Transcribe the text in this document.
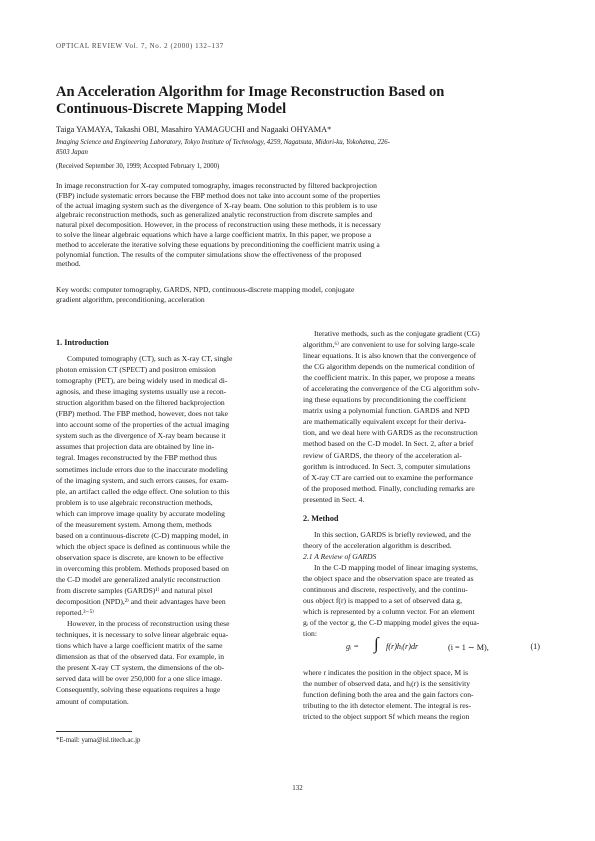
OPTICAL REVIEW Vol. 7, No. 2 (2000) 132–137
An Acceleration Algorithm for Image Reconstruction Based on
Continuous-Discrete Mapping Model
Taiga YAMAYA, Takashi OBI, Masahiro YAMAGUCHI and Nagaaki OHYAMA*
Imaging Science and Engineering Laboratory, Tokyo Institute of Technology, 4259, Nagatsuta, Midori-ku, Yokohama, 226-
8503 Japan
(Received September 30, 1999; Accepted February 1, 2000)
In image reconstruction for X-ray computed tomography, images reconstructed by filtered backprojection
(FBP) include systematic errors because the FBP method does not take into account some of the properties
of the actual imaging system such as the divergence of X-ray beam. One solution to this problem is to use
algebraic reconstruction methods, such as generalized analytic reconstruction from discrete samples and
natural pixel decomposition. However, in the process of reconstruction using these methods, it is necessary
to solve the linear algebraic equations which have a large coefficient matrix. In this paper, we propose a
method to accelerate the iterative solving these equations by preconditioning the coefficient matrix using a
polynomial function. The results of the computer simulations show the effectiveness of the proposed
method.
Key words: computer tomography, GARDS, NPD, continuous-discrete mapping model, conjugate
gradient algorithm, preconditioning, acceleration
1. Introduction
Computed tomography (CT), such as X-ray CT, single
photon emission CT (SPECT) and positron emission
tomography (PET), are being widely used in medical di-
agnosis, and these imaging systems usually use a recon-
struction algorithm based on the filtered backprojection
(FBP) method. The FBP method, however, does not take
into account some of the properties of the actual imaging
system such as the divergence of X-ray beam because it
assumes that projection data are obtained by line in-
tegral. Images reconstructed by the FBP method thus
sometimes include errors due to the inaccurate modeling
of the imaging system, and such errors causes, for exam-
ple, an artifact called the edge effect. One solution to this
problem is to use algebraic reconstruction methods,
which can improve image quality by accurate modeling
of the measurement system. Among them, methods
based on a continuous-discrete (C-D) mapping model, in
which the object space is defined as continuous while the
observation space is discrete, are known to be effective
in overcoming this problem. Methods proposed based on
the C-D model are generalized analytic reconstruction
from discrete samples (GARDS)¹⁾ and natural pixel
decomposition (NPD),²⁾ and their advantages have been
reported.³⁻⁵⁾
However, in the process of reconstruction using these
techniques, it is necessary to solve linear algebraic equa-
tions which have a large coefficient matrix of the same
dimension as that of the observed data. For example, in
the present X-ray CT system, the dimensions of the ob-
served data will be over 250,000 for a one slice image.
Consequently, solving these equations requires a huge
amount of computation.
*E-mail: yama@isl.titech.ac.jp
Iterative methods, such as the conjugate gradient (CG)
algorithm,⁶⁾ are convenient to use for solving large-scale
linear equations. It is also known that the convergence of
the CG algorithm depends on the numerical condition of
the coefficient matrix. In this paper, we propose a means
of accelerating the convergence of the CG algorithm solv-
ing these equations by preconditioning the coefficient
matrix using a polynomial function. GARDS and NPD
are mathematically equivalent except for their deriva-
tion, and we deal here with GARDS as the reconstruction
method based on the C-D model. In Sect. 2, after a brief
review of GARDS, the theory of the acceleration al-
gorithm is introduced. In Sect. 3, computer simulations
of X-ray CT are carried out to examine the performance
of the proposed method. Finally, concluding remarks are
presented in Sect. 4.
2. Method
In this section, GARDS is briefly reviewed, and the
theory of the acceleration algorithm is described.
2.1 A Review of GARDS
In the C-D mapping model of linear imaging systems,
the object space and the observation space are treated as
continuous and discrete, respectively, and the continu-
ous object f(r) is mapped to a set of observed data g,
which is represented by a column vector. For an element
gᵢ of the vector g, the C-D mapping model gives the equa-
tion:
gᵢ = ∫ f(r)hᵢ(r)dr	(i = 1 ∼ M),	(1)
where r indicates the position in the object space, M is
the number of observed data, and hᵢ(r) is the sensitivity
function defining both the area and the gain factors con-
tributing to the ith detector element. The integral is res-
tricted to the object support Sf which means the region
132
